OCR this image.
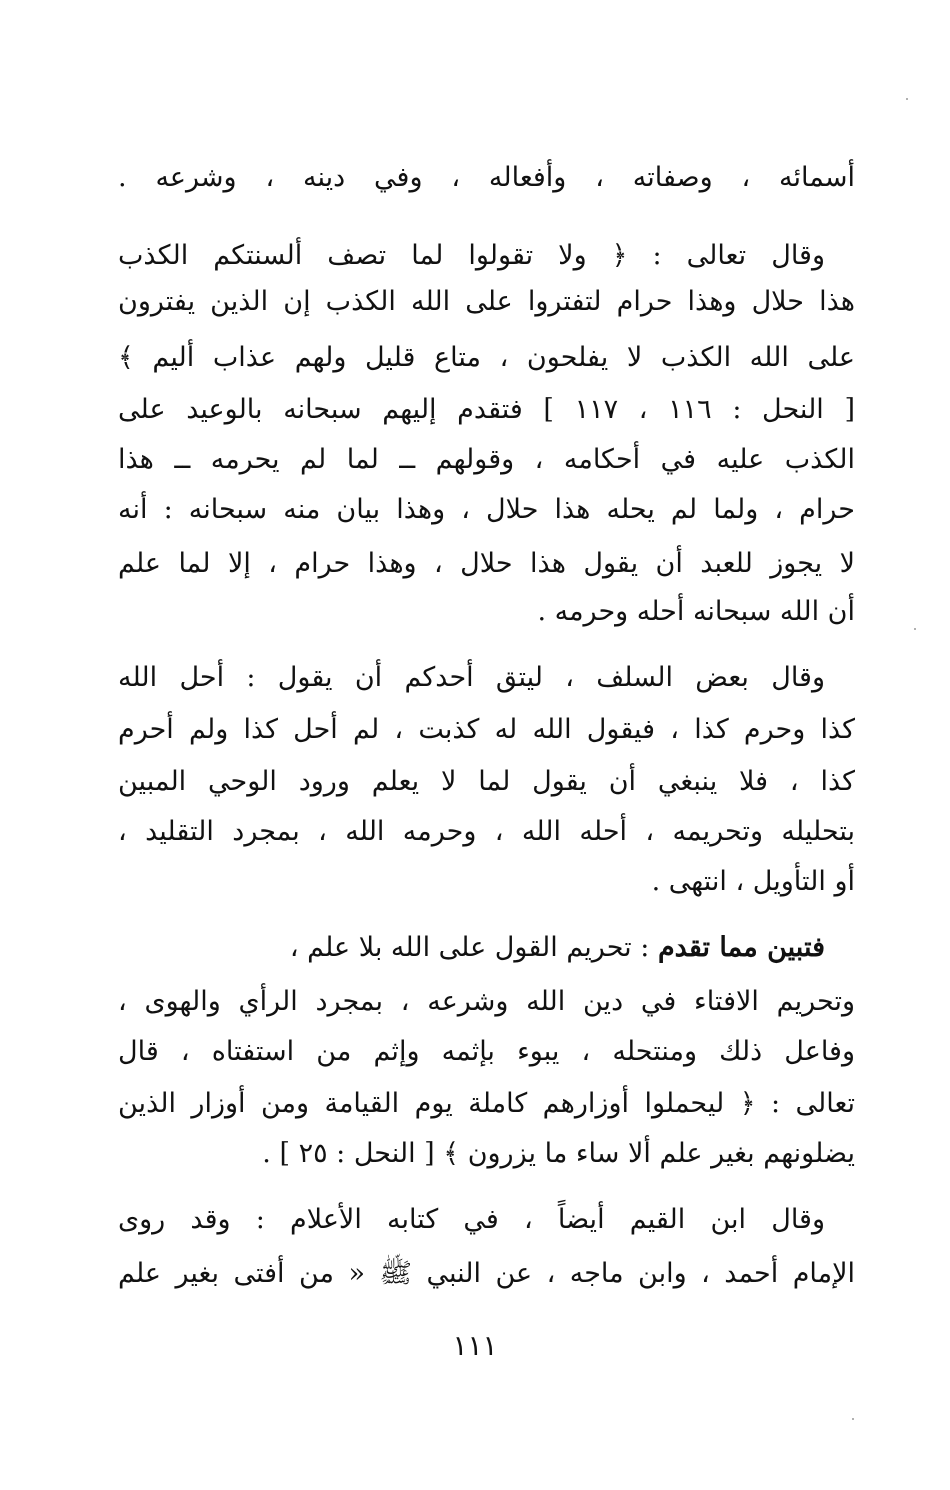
أسمائه ، وصفاته ، وأفعاله ، وفي دينه ، وشرعه .
وقال تعالى : ﴿ ولا تقولوا لما تصف ألسنتكم الكذب
هذا حلال وهذا حرام لتفتروا على الله الكذب إن الذين يفترون
على الله الكذب لا يفلحون ، متاع قليل ولهم عذاب أليم ﴾
[ النحل : ١١٦ ، ١١٧ ] فتقدم إليهم سبحانه بالوعيد على
الكذب عليه في أحكامه ، وقولهم ــ لما لم يحرمه ــ هذا
حرام ، ولما لم يحله هذا حلال ، وهذا بيان منه سبحانه : أنه
لا يجوز للعبد أن يقول هذا حلال ، وهذا حرام ، إلا لما علم
أن الله سبحانه أحله وحرمه .
وقال بعض السلف ، ليتق أحدكم أن يقول : أحل الله
كذا وحرم كذا ، فيقول الله له كذبت ، لم أحل كذا ولم أحرم
كذا ، فلا ينبغي أن يقول لما لا يعلم ورود الوحي المبين
بتحليله وتحريمه ، أحله الله ، وحرمه الله ، بمجرد التقليد ،
أو التأويل ، انتهى .
فتبين مما تقدم : تحريم القول على الله بلا علم ،
وتحريم الافتاء في دين الله وشرعه ، بمجرد الرأي والهوى ،
وفاعل ذلك ومنتحله ، يبوء بإثمه وإثم من استفتاه ، قال
تعالى : ﴿ ليحملوا أوزارهم كاملة يوم القيامة ومن أوزار الذين
يضلونهم بغير علم ألا ساء ما يزرون ﴾ [ النحل : ٢٥ ] .
وقال ابن القيم أيضاً ، في كتابه الأعلام : وقد روى
الإمام أحمد ، وابن ماجه ، عن النبي ﷺ « من أفتى بغير علم
١١١
